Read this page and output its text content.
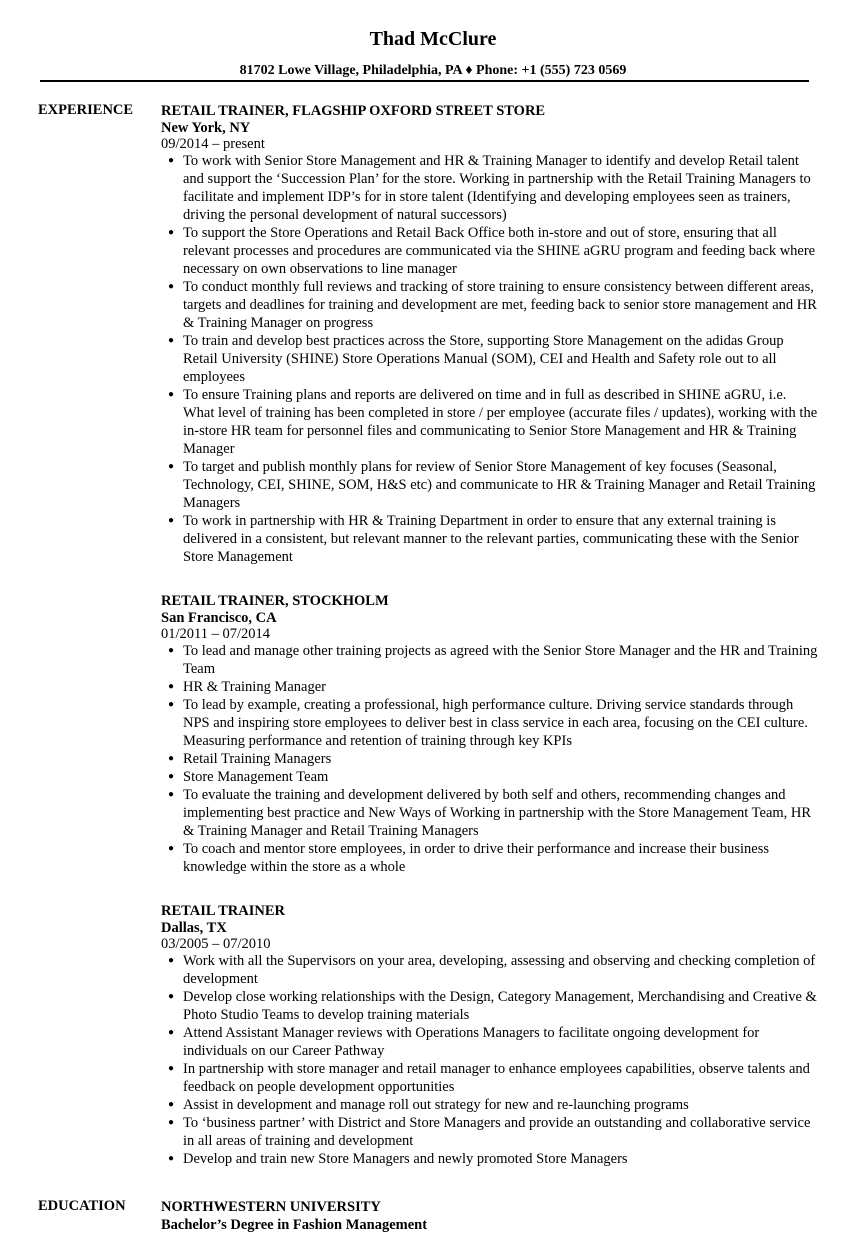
Thad McClure
81702 Lowe Village, Philadelphia, PA ♦ Phone: +1 (555) 723 0569
EXPERIENCE RETAIL TRAINER, FLAGSHIP OXFORD STREET STORE
New York, NY
09/2014 – present
● To work with Senior Store Management and HR & Training Manager to identify and develop Retail talent and support the ‘Succession Plan’ for the store. Working in partnership with the Retail Training Managers to facilitate and implement IDP’s for in store talent (Identifying and developing employees seen as trainers, driving the personal development of natural successors)
● To support the Store Operations and Retail Back Office both in-store and out of store, ensuring that all relevant processes and procedures are communicated via the SHINE aGRU program and feeding back where necessary on own observations to line manager
● To conduct monthly full reviews and tracking of store training to ensure consistency between different areas, targets and deadlines for training and development are met, feeding back to senior store management and HR & Training Manager on progress
● To train and develop best practices across the Store, supporting Store Management on the adidas Group Retail University (SHINE) Store Operations Manual (SOM), CEI and Health and Safety role out to all employees
● To ensure Training plans and reports are delivered on time and in full as described in SHINE aGRU, i.e. What level of training has been completed in store / per employee (accurate files / updates), working with the in-store HR team for personnel files and communicating to Senior Store Management and HR & Training Manager
● To target and publish monthly plans for review of Senior Store Management of key focuses (Seasonal, Technology, CEI, SHINE, SOM, H&S etc) and communicate to HR & Training Manager and Retail Training Managers
● To work in partnership with HR & Training Department in order to ensure that any external training is delivered in a consistent, but relevant manner to the relevant parties, communicating these with the Senior Store Management
RETAIL TRAINER, STOCKHOLM
San Francisco, CA
01/2011 – 07/2014
● To lead and manage other training projects as agreed with the Senior Store Manager and the HR and Training Team
● HR & Training Manager
● To lead by example, creating a professional, high performance culture. Driving service standards through NPS and inspiring store employees to deliver best in class service in each area, focusing on the CEI culture. Measuring performance and retention of training through key KPIs
● Retail Training Managers
● Store Management Team
● To evaluate the training and development delivered by both self and others, recommending changes and implementing best practice and New Ways of Working in partnership with the Store Management Team, HR & Training Manager and Retail Training Managers
● To coach and mentor store employees, in order to drive their performance and increase their business knowledge within the store as a whole
RETAIL TRAINER
Dallas, TX
03/2005 – 07/2010
● Work with all the Supervisors on your area, developing, assessing and observing and checking completion of development
● Develop close working relationships with the Design, Category Management, Merchandising and Creative & Photo Studio Teams to develop training materials
● Attend Assistant Manager reviews with Operations Managers to facilitate ongoing development for individuals on our Career Pathway
● In partnership with store manager and retail manager to enhance employees capabilities, observe talents and feedback on people development opportunities
● Assist in development and manage roll out strategy for new and re-launching programs
● To ‘business partner’ with District and Store Managers and provide an outstanding and collaborative service in all areas of training and development
● Develop and train new Store Managers and newly promoted Store Managers
EDUCATION NORTHWESTERN UNIVERSITY
Bachelor’s Degree in Fashion Management
